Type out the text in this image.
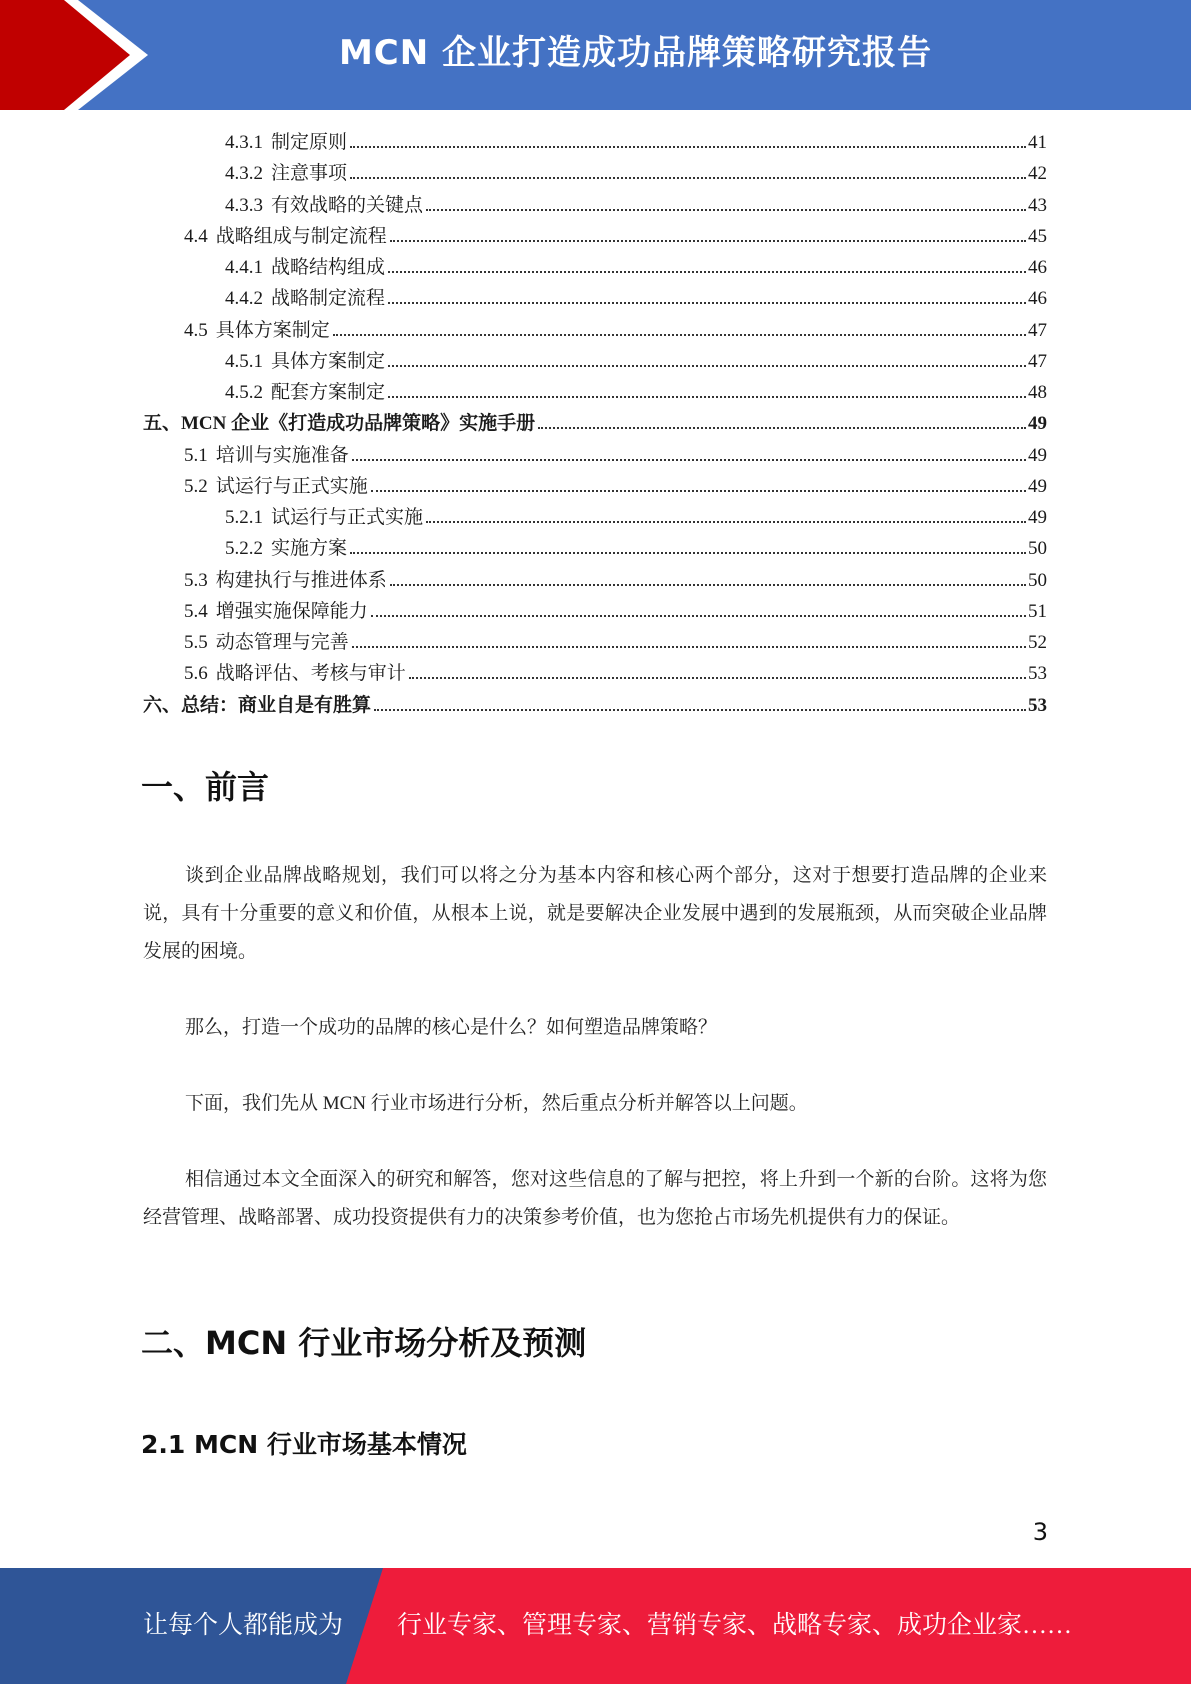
MCN 企业打造成功品牌策略研究报告
4.3.1 制定原则	41
4.3.2 注意事项	42
4.3.3 有效战略的关键点	43
4.4 战略组成与制定流程	45
4.4.1 战略结构组成	46
4.4.2 战略制定流程	46
4.5 具体方案制定	47
4.5.1 具体方案制定	47
4.5.2 配套方案制定	48
五、MCN 企业《打造成功品牌策略》实施手册	49
5.1 培训与实施准备	49
5.2 试运行与正式实施	49
5.2.1 试运行与正式实施	49
5.2.2 实施方案	50
5.3 构建执行与推进体系	50
5.4 增强实施保障能力	51
5.5 动态管理与完善	52
5.6 战略评估、考核与审计	53
六、总结：商业自是有胜算	53
一、前言

谈到企业品牌战略规划，我们可以将之分为基本内容和核心两个部分，这对于想要打造品牌的企业来说，具有十分重要的意义和价值，从根本上说，就是要解决企业发展中遇到的发展瓶颈，从而突破企业品牌发展的困境。

那么，打造一个成功的品牌的核心是什么？如何塑造品牌策略？

下面，我们先从 MCN 行业市场进行分析，然后重点分析并解答以上问题。

相信通过本文全面深入的研究和解答，您对这些信息的了解与把控，将上升到一个新的台阶。这将为您经营管理、战略部署、成功投资提供有力的决策参考价值，也为您抢占市场先机提供有力的保证。

二、MCN 行业市场分析及预测
2.1 MCN 行业市场基本情况
3
让每个人都能成为 行业专家、管理专家、营销专家、战略专家、成功企业家……
